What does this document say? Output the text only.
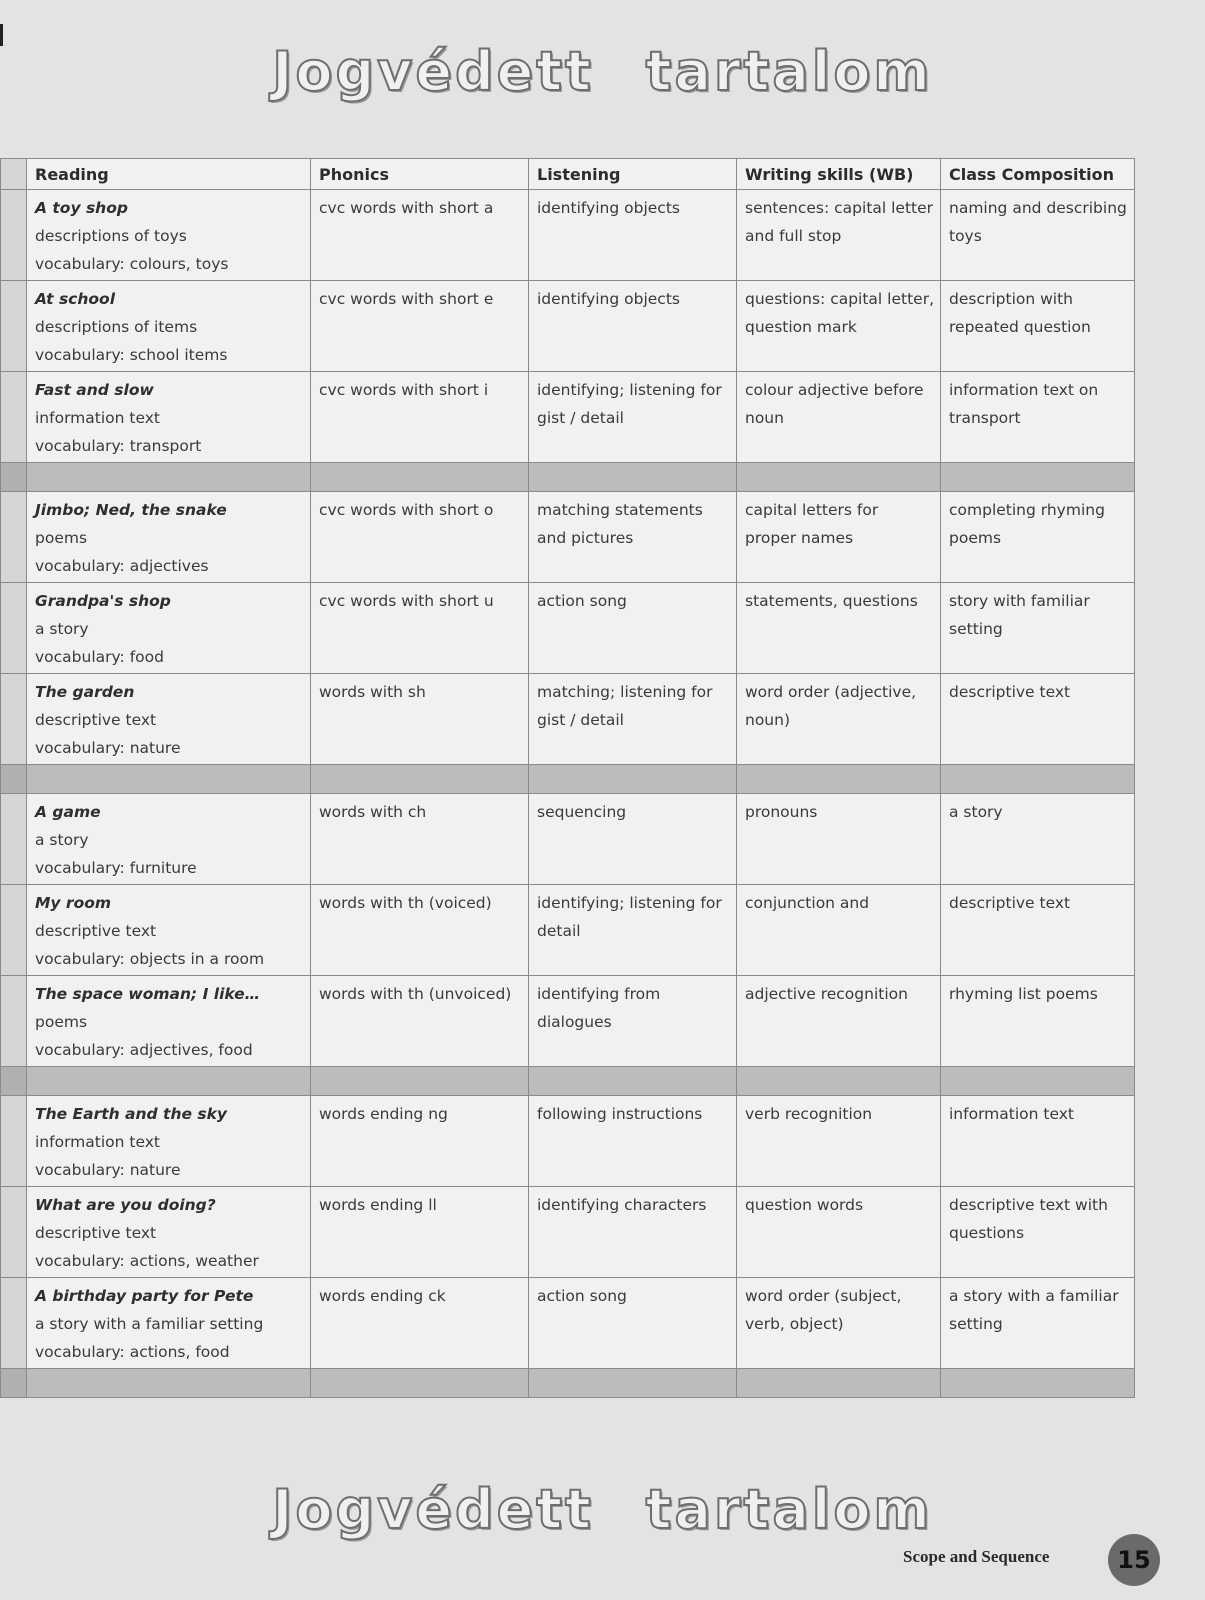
Jogvédett tartalom
	Reading	Phonics	Listening	Writing skills (WB)	Class Composition

	A toy shop
descriptions of toys
vocabulary: colours, toys	cvc words with short a	identifying objects	sentences: capital letter and full stop	naming and describing toys

	At school
descriptions of items
vocabulary: school items	cvc words with short e	identifying objects	questions: capital letter, question mark	description with repeated question

	Fast and slow
information text
vocabulary: transport	cvc words with short i	identifying; listening for gist / detail	colour adjective before noun	information text on transport

	Jimbo; Ned, the snake
poems
vocabulary: adjectives	cvc words with short o	matching statements and pictures	capital letters for proper names	completing rhyming poems

	Grandpa's shop
a story
vocabulary: food	cvc words with short u	action song	statements, questions	story with familiar setting

	The garden
descriptive text
vocabulary: nature	words with sh	matching; listening for gist / detail	word order (adjective, noun)	descriptive text

	A game
a story
vocabulary: furniture	words with ch	sequencing	pronouns	a story

	My room
descriptive text
vocabulary: objects in a room	words with th (voiced)	identifying; listening for detail	conjunction and	descriptive text

	The space woman; I like…
poems
vocabulary: adjectives, food	words with th (unvoiced)	identifying from dialogues	adjective recognition	rhyming list poems

	The Earth and the sky
information text
vocabulary: nature	words ending ng	following instructions	verb recognition	information text

	What are you doing?
descriptive text
vocabulary: actions, weather	words ending ll	identifying characters	question words	descriptive text with questions

	A birthday party for Pete
a story with a familiar setting
vocabulary: actions, food	words ending ck	action song	word order (subject, verb, object)	a story with a familiar setting

Jogvédett tartalom
Scope and Sequence	15
